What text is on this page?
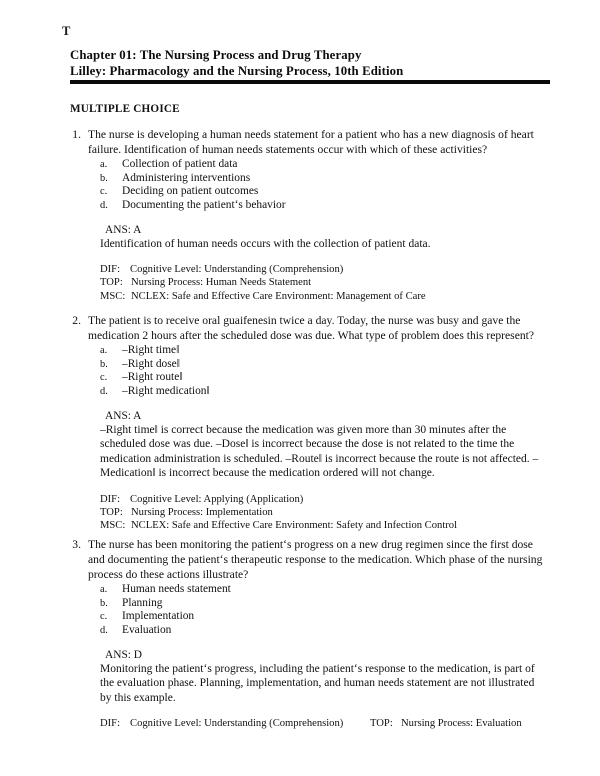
T
Chapter 01: The Nursing Process and Drug Therapy
Lilley: Pharmacology and the Nursing Process, 10th Edition
MULTIPLE CHOICE
1. The nurse is developing a human needs statement for a patient who has a new diagnosis of heart failure. Identification of human needs statements occur with which of these activities?
a. Collection of patient data
b. Administering interventions
c. Deciding on patient outcomes
d. Documenting the patient‘s behavior
ANS: A
Identification of human needs occurs with the collection of patient data.
DIF: Cognitive Level: Understanding (Comprehension)
TOP: Nursing Process: Human Needs Statement
MSC: NCLEX: Safe and Effective Care Environment: Management of Care
2. The patient is to receive oral guaifenesin twice a day. Today, the nurse was busy and gave the medication 2 hours after the scheduled dose was due. What type of problem does this represent?
a. ‒Right time‖
b. ‒Right dose‖
c. ‒Right route‖
d. ‒Right medication‖
ANS: A
‒Right time‖ is correct because the medication was given more than 30 minutes after the scheduled dose was due. ‒Dose‖ is incorrect because the dose is not related to the time the medication administration is scheduled. ‒Route‖ is incorrect because the route is not affected. ‒Medication‖ is incorrect because the medication ordered will not change.
DIF: Cognitive Level: Applying (Application)
TOP: Nursing Process: Implementation
MSC: NCLEX: Safe and Effective Care Environment: Safety and Infection Control
3. The nurse has been monitoring the patient‘s progress on a new drug regimen since the first dose and documenting the patient‘s therapeutic response to the medication. Which phase of the nursing process do these actions illustrate?
a. Human needs statement
b. Planning
c. Implementation
d. Evaluation
ANS: D
Monitoring the patient‘s progress, including the patient‘s response to the medication, is part of the evaluation phase. Planning, implementation, and human needs statement are not illustrated by this example.
DIF: Cognitive Level: Understanding (Comprehension)	TOP: Nursing Process: Evaluation
